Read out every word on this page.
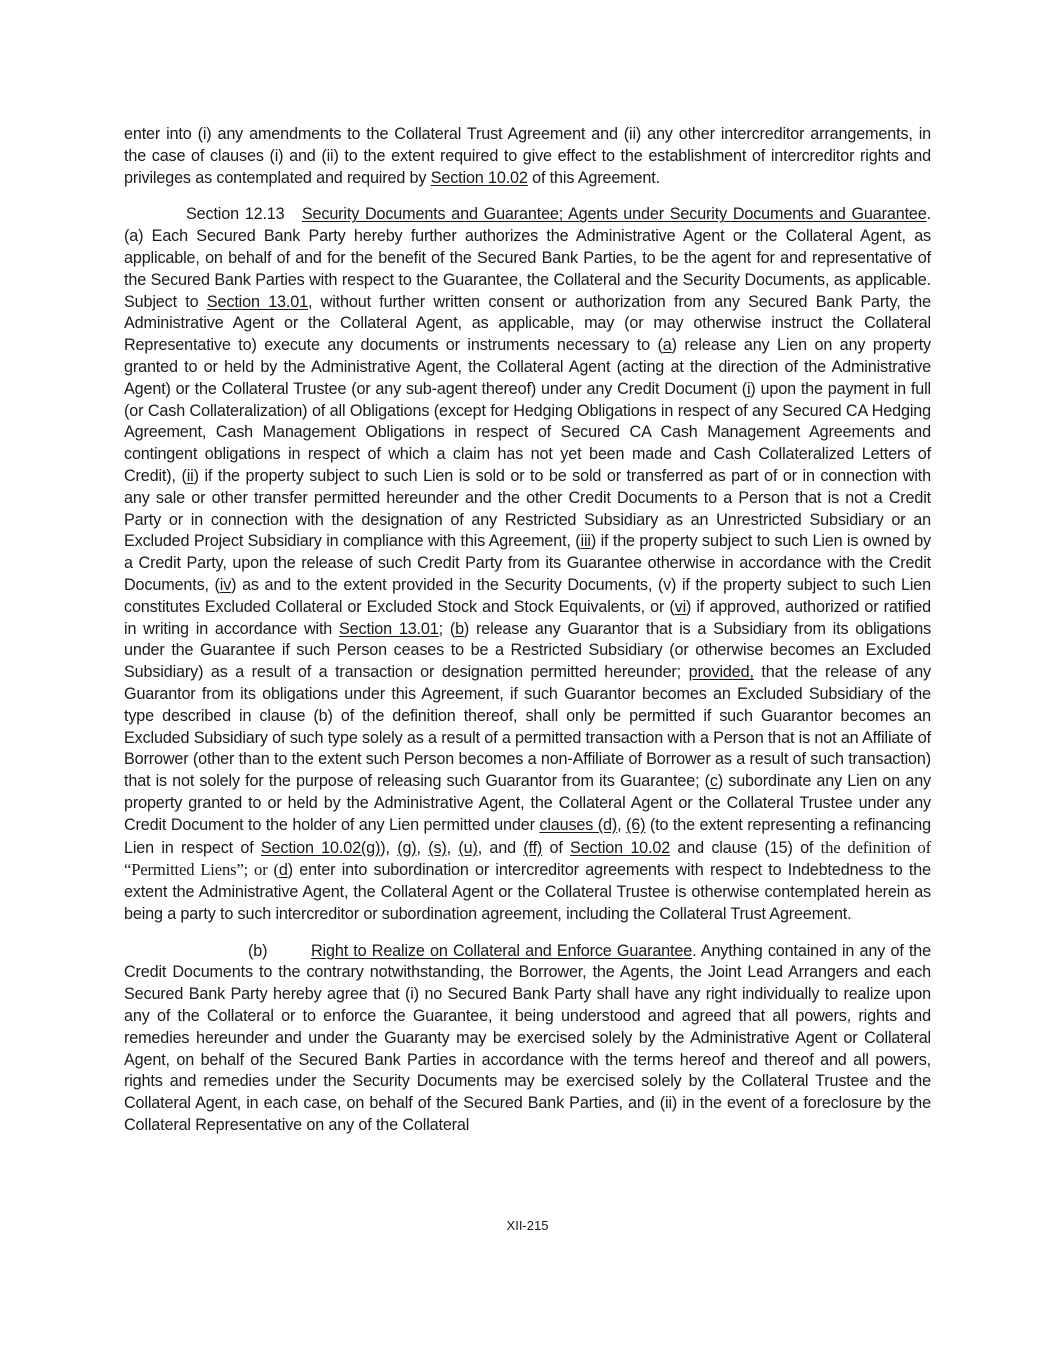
enter into (i) any amendments to the Collateral Trust Agreement and (ii) any other intercreditor arrangements, in the case of clauses (i) and (ii) to the extent required to give effect to the establishment of intercreditor rights and privileges as contemplated and required by Section 10.02 of this Agreement.

Section 12.13 Security Documents and Guarantee; Agents under Security Documents and Guarantee. (a) Each Secured Bank Party hereby further authorizes the Administrative Agent or the Collateral Agent, as applicable, on behalf of and for the benefit of the Secured Bank Parties, to be the agent for and representative of the Secured Bank Parties with respect to the Guarantee, the Collateral and the Security Documents, as applicable. Subject to Section 13.01, without further written consent or authorization from any Secured Bank Party, the Administrative Agent or the Collateral Agent, as applicable, may (or may otherwise instruct the Collateral Representative to) execute any documents or instruments necessary to (a) release any Lien on any property granted to or held by the Administrative Agent, the Collateral Agent (acting at the direction of the Administrative Agent) or the Collateral Trustee (or any sub-agent thereof) under any Credit Document (i) upon the payment in full (or Cash Collateralization) of all Obligations (except for Hedging Obligations in respect of any Secured CA Hedging Agreement, Cash Management Obligations in respect of Secured CA Cash Management Agreements and contingent obligations in respect of which a claim has not yet been made and Cash Collateralized Letters of Credit), (ii) if the property subject to such Lien is sold or to be sold or transferred as part of or in connection with any sale or other transfer permitted hereunder and the other Credit Documents to a Person that is not a Credit Party or in connection with the designation of any Restricted Subsidiary as an Unrestricted Subsidiary or an Excluded Project Subsidiary in compliance with this Agreement, (iii) if the property subject to such Lien is owned by a Credit Party, upon the release of such Credit Party from its Guarantee otherwise in accordance with the Credit Documents, (iv) as and to the extent provided in the Security Documents, (v) if the property subject to such Lien constitutes Excluded Collateral or Excluded Stock and Stock Equivalents, or (vi) if approved, authorized or ratified in writing in accordance with Section 13.01; (b) release any Guarantor that is a Subsidiary from its obligations under the Guarantee if such Person ceases to be a Restricted Subsidiary (or otherwise becomes an Excluded Subsidiary) as a result of a transaction or designation permitted hereunder; provided, that the release of any Guarantor from its obligations under this Agreement, if such Guarantor becomes an Excluded Subsidiary of the type described in clause (b) of the definition thereof, shall only be permitted if such Guarantor becomes an Excluded Subsidiary of such type solely as a result of a permitted transaction with a Person that is not an Affiliate of Borrower (other than to the extent such Person becomes a non-Affiliate of Borrower as a result of such transaction) that is not solely for the purpose of releasing such Guarantor from its Guarantee; (c) subordinate any Lien on any property granted to or held by the Administrative Agent, the Collateral Agent or the Collateral Trustee under any Credit Document to the holder of any Lien permitted under clauses (d), (6) (to the extent representing a refinancing Lien in respect of Section 10.02(g)), (g), (s), (u), and (ff) of Section 10.02 and clause (15) of the definition of “Permitted Liens”; or (d) enter into subordination or intercreditor agreements with respect to Indebtedness to the extent the Administrative Agent, the Collateral Agent or the Collateral Trustee is otherwise contemplated herein as being a party to such intercreditor or subordination agreement, including the Collateral Trust Agreement.

(b)	Right to Realize on Collateral and Enforce Guarantee. Anything contained in any of the Credit Documents to the contrary notwithstanding, the Borrower, the Agents, the Joint Lead Arrangers and each Secured Bank Party hereby agree that (i) no Secured Bank Party shall have any right individually to realize upon any of the Collateral or to enforce the Guarantee, it being understood and agreed that all powers, rights and remedies hereunder and under the Guaranty may be exercised solely by the Administrative Agent or Collateral Agent, on behalf of the Secured Bank Parties in accordance with the terms hereof and thereof and all powers, rights and remedies under the Security Documents may be exercised solely by the Collateral Trustee and the Collateral Agent, in each case, on behalf of the Secured Bank Parties, and (ii) in the event of a foreclosure by the Collateral Representative on any of the Collateral

XII-215
